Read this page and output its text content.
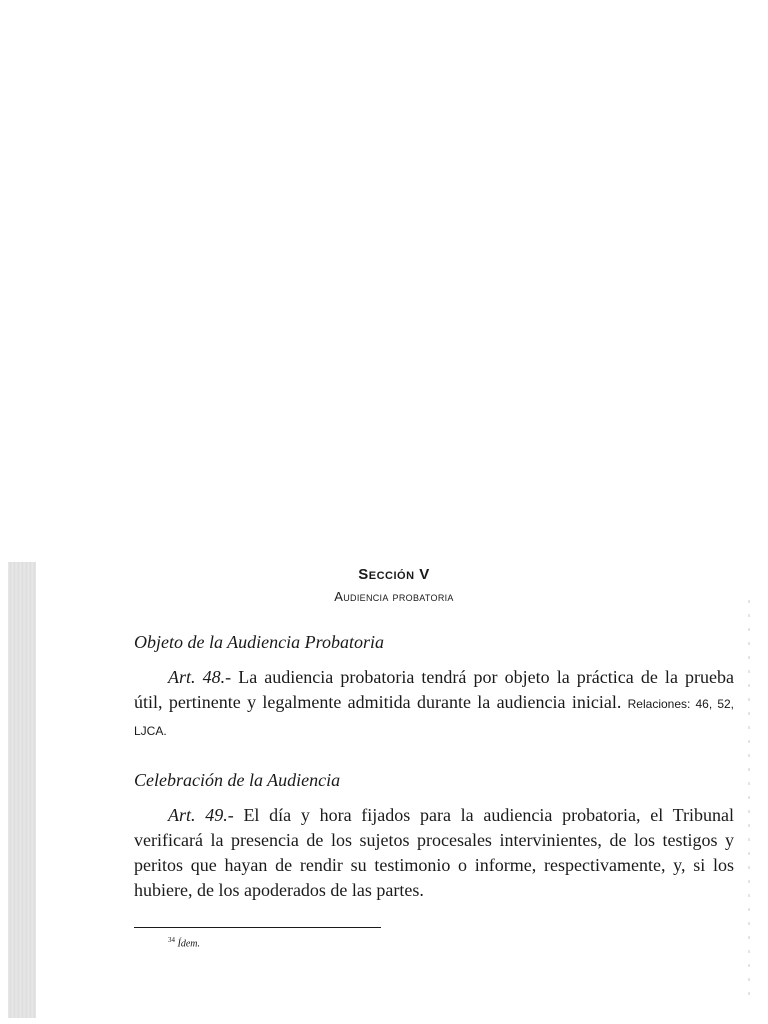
Sección V
Audiencia probatoria
Objeto de la Audiencia Probatoria
Art. 48.- La audiencia probatoria tendrá por objeto la práctica de la prueba útil, pertinente y legalmente admitida durante la audiencia inicial. Relaciones: 46, 52, LJCA.
Celebración de la Audiencia
Art. 49.- El día y hora fijados para la audiencia probatoria, el Tribunal verificará la presencia de los sujetos procesales intervinientes, de los testigos y peritos que hayan de rendir su testimonio o informe, respectivamente, y, si los hubiere, de los apoderados de las partes.
$^{34}$ Ídem.
